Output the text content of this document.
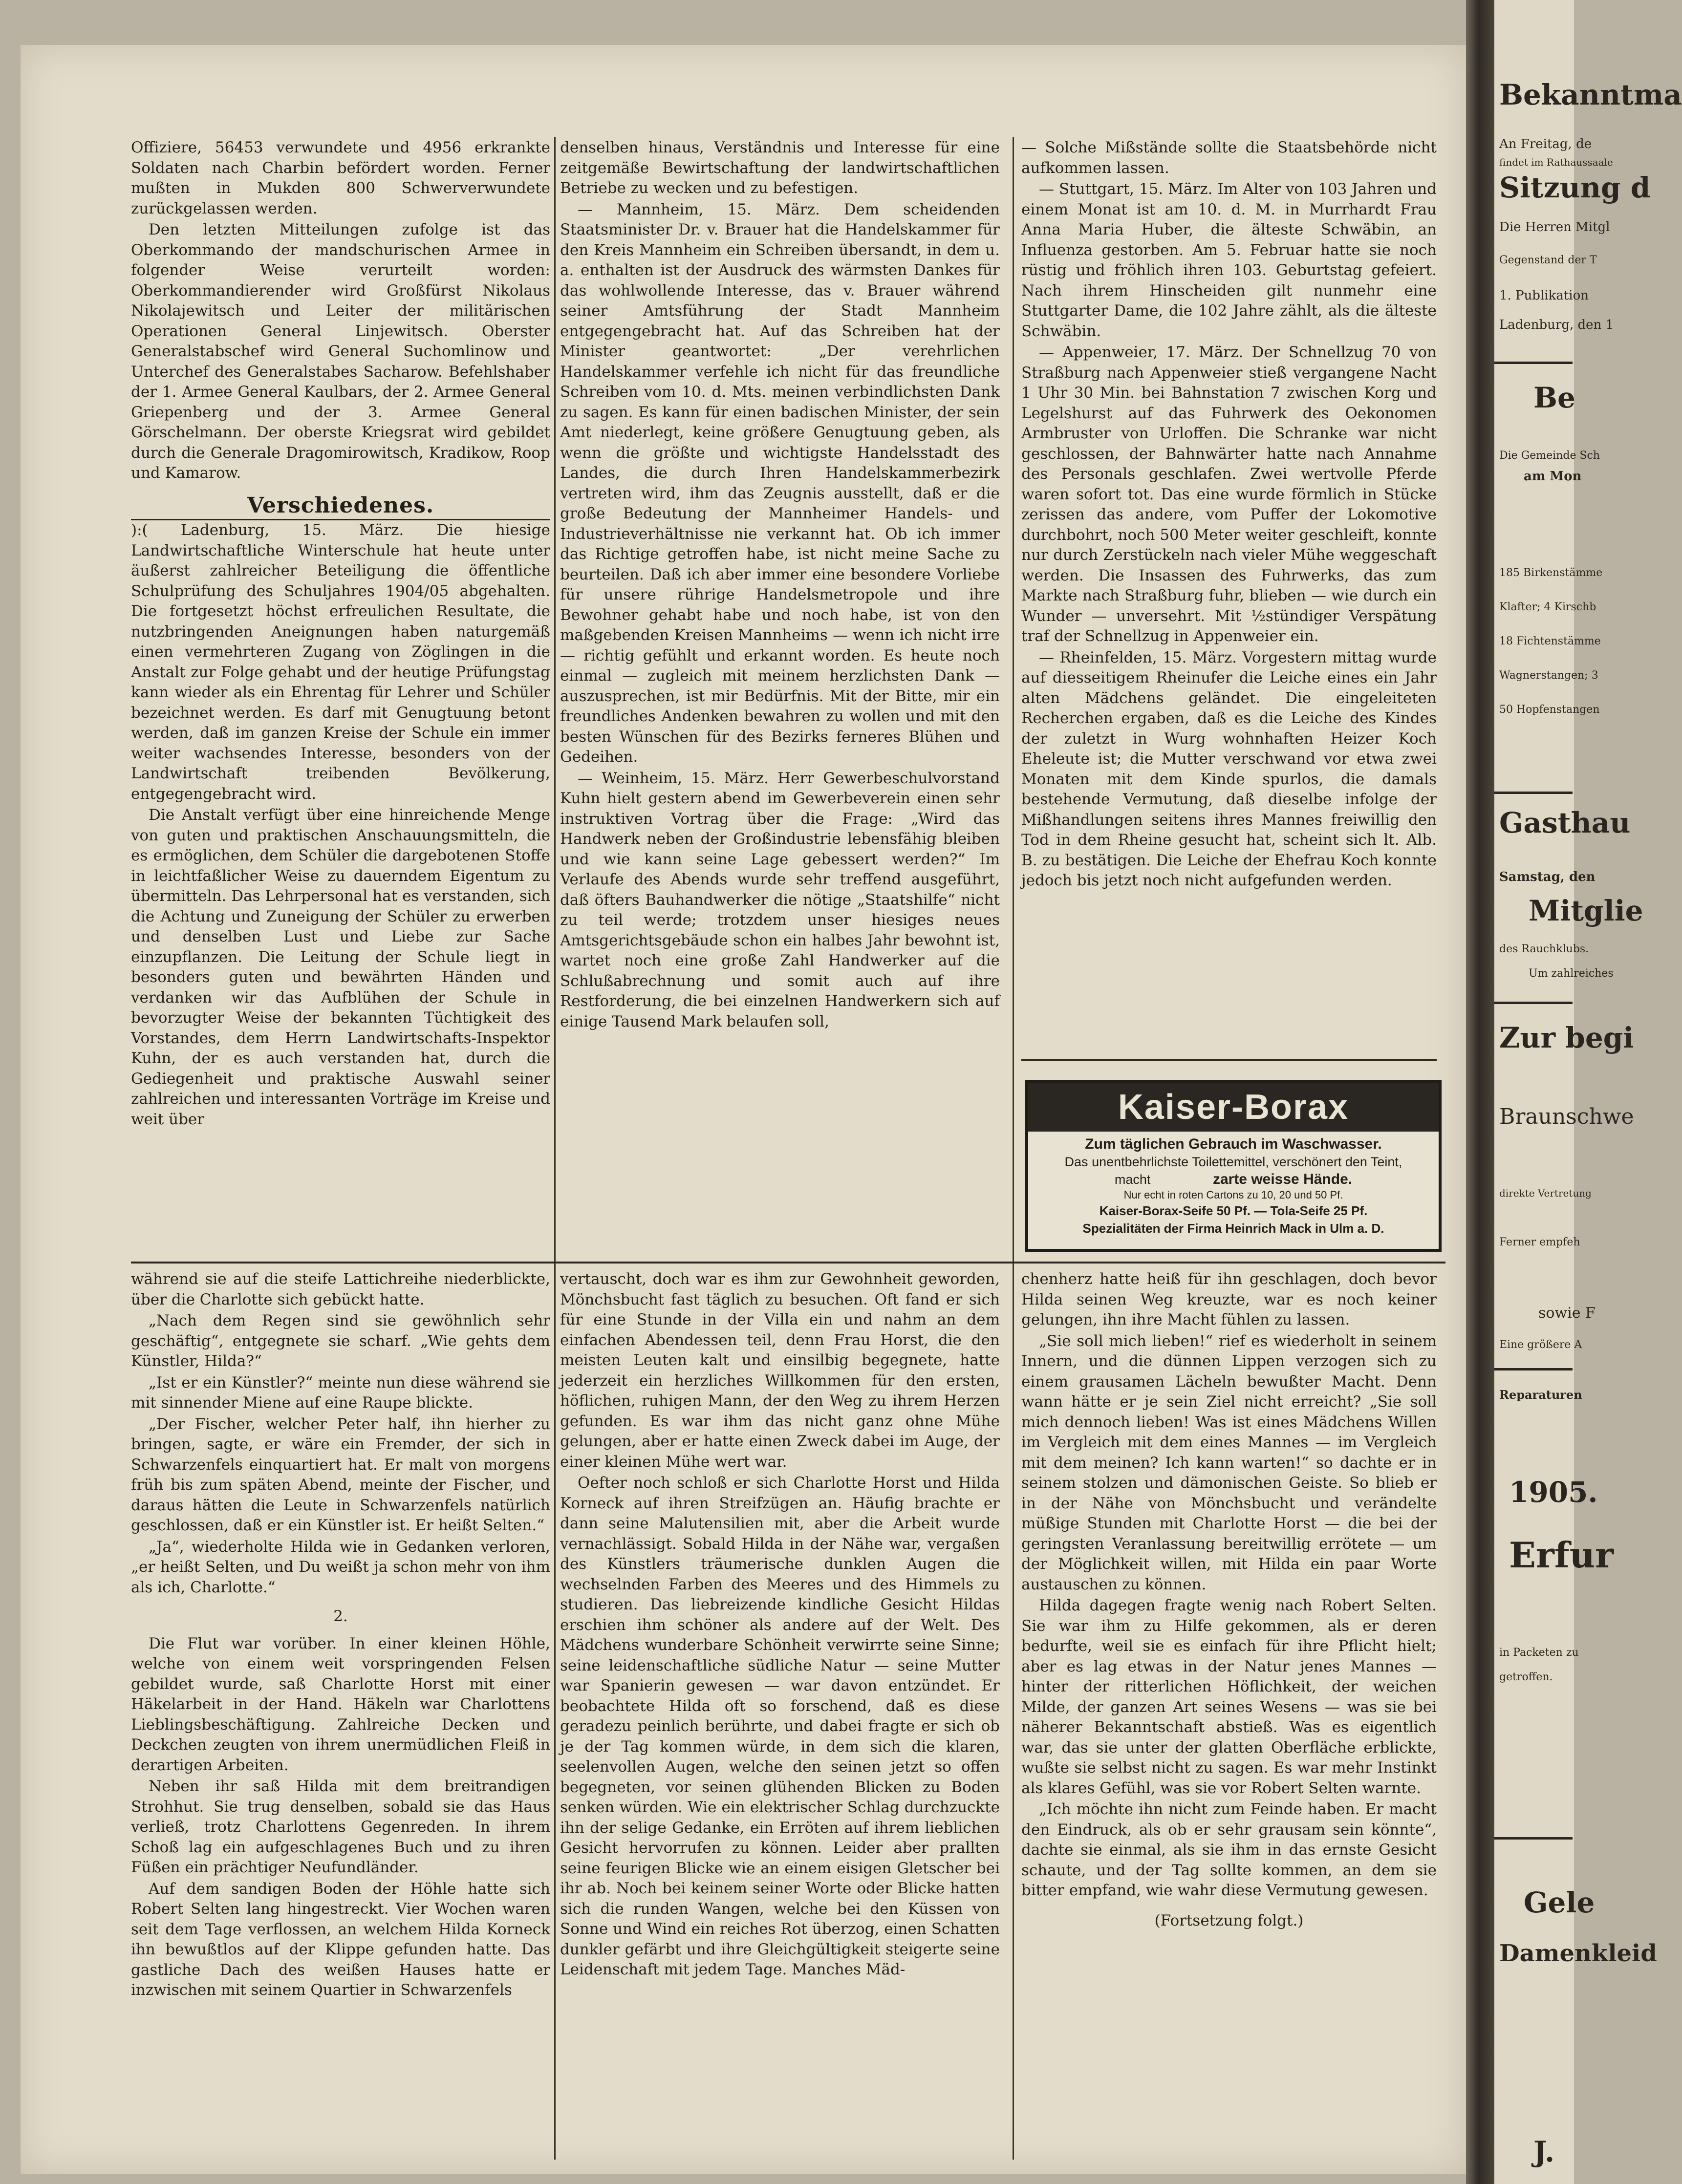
Offiziere, 56453 verwundete und 4956 erkrankte Soldaten nach Charbin befördert worden. Ferner mußten in Mukden 800 Schwerverwundete zurückgelassen werden.

Den letzten Mitteilungen zufolge ist das Oberkommando der mandschurischen Armee in folgender Weise verurteilt worden: Oberkommandierender wird Großfürst Nikolaus Nikolajewitsch und Leiter der militärischen Operationen General Linjewitsch. Oberster Generalstabschef wird General Suchomlinow und Unterchef des Generalstabes Sacharow. Befehlshaber der 1. Armee General Kaulbars, der 2. Armee General Griepenberg und der 3. Armee General Görschelmann. Der oberste Kriegsrat wird gebildet durch die Generale Dragomirowitsch, Kradikow, Roop und Kamarow.

Verschiedenes.

):( Ladenburg, 15. März. Die hiesige Landwirtschaftliche Winterschule hat heute unter äußerst zahlreicher Beteiligung die öffentliche Schulprüfung des Schuljahres 1904/05 abgehalten. Die fortgesetzt höchst erfreulichen Resultate, die nutzbringenden Aneignungen haben naturgemäß einen vermehrteren Zugang von Zöglingen in die Anstalt zur Folge gehabt und der heutige Prüfungstag kann wieder als ein Ehrentag für Lehrer und Schüler bezeichnet werden. Es darf mit Genugtuung betont werden, daß im ganzen Kreise der Schule ein immer weiter wachsendes Interesse, besonders von der Landwirtschaft treibenden Bevölkerung, entgegengebracht wird.

Die Anstalt verfügt über eine hinreichende Menge von guten und praktischen Anschauungsmitteln, die es ermöglichen, dem Schüler die dargebotenen Stoffe in leichtfaßlicher Weise zu dauerndem Eigentum zu übermitteln. Das Lehrpersonal hat es verstanden, sich die Achtung und Zuneigung der Schüler zu erwerben und denselben Lust und Liebe zur Sache einzupflanzen. Die Leitung der Schule liegt in besonders guten und bewährten Händen und verdanken wir das Aufblühen der Schule in bevorzugter Weise der bekannten Tüchtigkeit des Vorstandes, dem Herrn Landwirtschafts-Inspektor Kuhn, der es auch verstanden hat, durch die Gediegenheit und praktische Auswahl seiner zahlreichen und interessanten Vorträge im Kreise und weit über

denselben hinaus, Verständnis und Interesse für eine zeitgemäße Bewirtschaftung der landwirtschaftlichen Betriebe zu wecken und zu befestigen.

— Mannheim, 15. März. Dem scheidenden Staatsminister Dr. v. Brauer hat die Handelskammer für den Kreis Mannheim ein Schreiben übersandt, in dem u. a. enthalten ist der Ausdruck des wärmsten Dankes für das wohlwollende Interesse, das v. Brauer während seiner Amtsführung der Stadt Mannheim entgegengebracht hat. Auf das Schreiben hat der Minister geantwortet: „Der verehrlichen Handelskammer verfehle ich nicht für das freundliche Schreiben vom 10. d. Mts. meinen verbindlichsten Dank zu sagen. Es kann für einen badischen Minister, der sein Amt niederlegt, keine größere Genugtuung geben, als wenn die größte und wichtigste Handelsstadt des Landes, die durch Ihren Handelskammerbezirk vertreten wird, ihm das Zeugnis ausstellt, daß er die große Bedeutung der Mannheimer Handels- und Industrieverhältnisse nie verkannt hat. Ob ich immer das Richtige getroffen habe, ist nicht meine Sache zu beurteilen. Daß ich aber immer eine besondere Vorliebe für unsere rührige Handelsmetropole und ihre Bewohner gehabt habe und noch habe, ist von den maßgebenden Kreisen Mannheims — wenn ich nicht irre — richtig gefühlt und erkannt worden. Es heute noch einmal — zugleich mit meinem herzlichsten Dank — auszusprechen, ist mir Bedürfnis. Mit der Bitte, mir ein freundliches Andenken bewahren zu wollen und mit den besten Wünschen für des Bezirks ferneres Blühen und Gedeihen.

— Weinheim, 15. März. Herr Gewerbeschulvorstand Kuhn hielt gestern abend im Gewerbeverein einen sehr instruktiven Vortrag über die Frage: „Wird das Handwerk neben der Großindustrie lebensfähig bleiben und wie kann seine Lage gebessert werden?“ Im Verlaufe des Abends wurde sehr treffend ausgeführt, daß öfters Bauhandwerker die nötige „Staatshilfe“ nicht zu teil werde; trotzdem unser hiesiges neues Amtsgerichtsgebäude schon ein halbes Jahr bewohnt ist, wartet noch eine große Zahl Handwerker auf die Schlußabrechnung und somit auch auf ihre Restforderung, die bei einzelnen Handwerkern sich auf einige Tausend Mark belaufen soll,

— Solche Mißstände sollte die Staatsbehörde nicht aufkommen lassen.

— Stuttgart, 15. März. Im Alter von 103 Jahren und einem Monat ist am 10. d. M. in Murrhardt Frau Anna Maria Huber, die älteste Schwäbin, an Influenza gestorben. Am 5. Februar hatte sie noch rüstig und fröhlich ihren 103. Geburtstag gefeiert. Nach ihrem Hinscheiden gilt nunmehr eine Stuttgarter Dame, die 102 Jahre zählt, als die älteste Schwäbin.

— Appenweier, 17. März. Der Schnellzug 70 von Straßburg nach Appenweier stieß vergangene Nacht 1 Uhr 30 Min. bei Bahnstation 7 zwischen Korg und Legelshurst auf das Fuhrwerk des Oekonomen Armbruster von Urloffen. Die Schranke war nicht geschlossen, der Bahnwärter hatte nach Annahme des Personals geschlafen. Zwei wertvolle Pferde waren sofort tot. Das eine wurde förmlich in Stücke zerissen das andere, vom Puffer der Lokomotive durchbohrt, noch 500 Meter weiter geschleift, konnte nur durch Zerstückeln nach vieler Mühe weggeschaft werden. Die Insassen des Fuhrwerks, das zum Markte nach Straßburg fuhr, blieben — wie durch ein Wunder — unversehrt. Mit ½stündiger Verspätung traf der Schnellzug in Appenweier ein.

— Rheinfelden, 15. März. Vorgestern mittag wurde auf diesseitigem Rheinufer die Leiche eines ein Jahr alten Mädchens geländet. Die eingeleiteten Recherchen ergaben, daß es die Leiche des Kindes der zuletzt in Wurg wohnhaften Heizer Koch Eheleute ist; die Mutter verschwand vor etwa zwei Monaten mit dem Kinde spurlos, die damals bestehende Vermutung, daß dieselbe infolge der Mißhandlungen seitens ihres Mannes freiwillig den Tod in dem Rheine gesucht hat, scheint sich lt. Alb. B. zu bestätigen. Die Leiche der Ehefrau Koch konnte jedoch bis jetzt noch nicht aufgefunden werden.

Kaiser-Borax
Zum täglichen Gebrauch im Waschwasser.
Das unentbehrlichste Toilettemittel, verschönert den Teint,
macht	zarte weisse Hände.
Nur echt in roten Cartons zu 10, 20 und 50 Pf.
Kaiser-Borax-Seife 50 Pf. — Tola-Seife 25 Pf.
Spezialitäten der Firma Heinrich Mack in Ulm a. D.

während sie auf die steife Lattichreihe niederblickte, über die Charlotte sich gebückt hatte.

„Nach dem Regen sind sie gewöhnlich sehr geschäftig“, entgegnete sie scharf. „Wie gehts dem Künstler, Hilda?“

„Ist er ein Künstler?“ meinte nun diese während sie mit sinnender Miene auf eine Raupe blickte.

„Der Fischer, welcher Peter half, ihn hierher zu bringen, sagte, er wäre ein Fremder, der sich in Schwarzenfels einquartiert hat. Er malt von morgens früh bis zum späten Abend, meinte der Fischer, und daraus hätten die Leute in Schwarzenfels natürlich geschlossen, daß er ein Künstler ist. Er heißt Selten.“

„Ja“, wiederholte Hilda wie in Gedanken verloren, „er heißt Selten, und Du weißt ja schon mehr von ihm als ich, Charlotte.“

2.

Die Flut war vorüber. In einer kleinen Höhle, welche von einem weit vorspringenden Felsen gebildet wurde, saß Charlotte Horst mit einer Häkelarbeit in der Hand. Häkeln war Charlottens Lieblingsbeschäftigung. Zahlreiche Decken und Deckchen zeugten von ihrem unermüdlichen Fleiß in derartigen Arbeiten.

Neben ihr saß Hilda mit dem breitrandigen Strohhut. Sie trug denselben, sobald sie das Haus verließ, trotz Charlottens Gegenreden. In ihrem Schoß lag ein aufgeschlagenes Buch und zu ihren Füßen ein prächtiger Neufundländer.

Auf dem sandigen Boden der Höhle hatte sich Robert Selten lang hingestreckt. Vier Wochen waren seit dem Tage verflossen, an welchem Hilda Korneck ihn bewußtlos auf der Klippe gefunden hatte. Das gastliche Dach des weißen Hauses hatte er inzwischen mit seinem Quartier in Schwarzenfels

vertauscht, doch war es ihm zur Gewohnheit geworden, Mönchsbucht fast täglich zu besuchen. Oft fand er sich für eine Stunde in der Villa ein und nahm an dem einfachen Abendessen teil, denn Frau Horst, die den meisten Leuten kalt und einsilbig begegnete, hatte jederzeit ein herzliches Willkommen für den ersten, höflichen, ruhigen Mann, der den Weg zu ihrem Herzen gefunden. Es war ihm das nicht ganz ohne Mühe gelungen, aber er hatte einen Zweck dabei im Auge, der einer kleinen Mühe wert war.

Oefter noch schloß er sich Charlotte Horst und Hilda Korneck auf ihren Streifzügen an. Häufig brachte er dann seine Malutensilien mit, aber die Arbeit wurde vernachlässigt. Sobald Hilda in der Nähe war, vergaßen des Künstlers träumerische dunklen Augen die wechselnden Farben des Meeres und des Himmels zu studieren. Das liebreizende kindliche Gesicht Hildas erschien ihm schöner als andere auf der Welt. Des Mädchens wunderbare Schönheit verwirrte seine Sinne; seine leidenschaftliche südliche Natur — seine Mutter war Spanierin gewesen — war davon entzündet. Er beobachtete Hilda oft so forschend, daß es diese geradezu peinlich berührte, und dabei fragte er sich ob je der Tag kommen würde, in dem sich die klaren, seelenvollen Augen, welche den seinen jetzt so offen begegneten, vor seinen glühenden Blicken zu Boden senken würden. Wie ein elektrischer Schlag durchzuckte ihn der selige Gedanke, ein Erröten auf ihrem lieblichen Gesicht hervorrufen zu können. Leider aber prallten seine feurigen Blicke wie an einem eisigen Gletscher bei ihr ab. Noch bei keinem seiner Worte oder Blicke hatten sich die runden Wangen, welche bei den Küssen von Sonne und Wind ein reiches Rot überzog, einen Schatten dunkler gefärbt und ihre Gleichgültigkeit steigerte seine Leidenschaft mit jedem Tage. Manches Mäd-

chenherz hatte heiß für ihn geschlagen, doch bevor Hilda seinen Weg kreuzte, war es noch keiner gelungen, ihn ihre Macht fühlen zu lassen.

„Sie soll mich lieben!“ rief es wiederholt in seinem Innern, und die dünnen Lippen verzogen sich zu einem grausamen Lächeln bewußter Macht. Denn wann hätte er je sein Ziel nicht erreicht? „Sie soll mich dennoch lieben! Was ist eines Mädchens Willen im Vergleich mit dem eines Mannes — im Vergleich mit dem meinen? Ich kann warten!“ so dachte er in seinem stolzen und dämonischen Geiste. So blieb er in der Nähe von Mönchsbucht und verändelte müßige Stunden mit Charlotte Horst — die bei der geringsten Veranlassung bereitwillig errötete — um der Möglichkeit willen, mit Hilda ein paar Worte austauschen zu können.

Hilda dagegen fragte wenig nach Robert Selten. Sie war ihm zu Hilfe gekommen, als er deren bedurfte, weil sie es einfach für ihre Pflicht hielt; aber es lag etwas in der Natur jenes Mannes — hinter der ritterlichen Höflichkeit, der weichen Milde, der ganzen Art seines Wesens — was sie bei näherer Bekanntschaft abstieß. Was es eigentlich war, das sie unter der glatten Oberfläche erblickte, wußte sie selbst nicht zu sagen. Es war mehr Instinkt als klares Gefühl, was sie vor Robert Selten warnte.

„Ich möchte ihn nicht zum Feinde haben. Er macht den Eindruck, als ob er sehr grausam sein könnte“, dachte sie einmal, als sie ihm in das ernste Gesicht schaute, und der Tag sollte kommen, an dem sie bitter empfand, wie wahr diese Vermutung gewesen.

(Fortsetzung folgt.)
Bekanntma
An Freitag, de
findet im Rathaussaale
Sitzung d
Die Herren Mitgl
Gegenstand der T
1. Publikation
Ladenburg, den 1
Be
Die Gemeinde Sch
am Mon
185 Birkenstämme
Klafter; 4 Kirschb
18 Fichtenstämme
Wagnerstangen; 3
50 Hopfenstangen
Gasthau
Samstag, den
Mitglie
des Rauchklubs.
Um zahlreiches
Zur begi
Braunschwe
direkte Vertretung
Ferner empfeh
sowie F
Eine größere A
Reparaturen
1905.
Erfur
in Packeten zu
getroffen.
Gele
Damenkleid
J.
